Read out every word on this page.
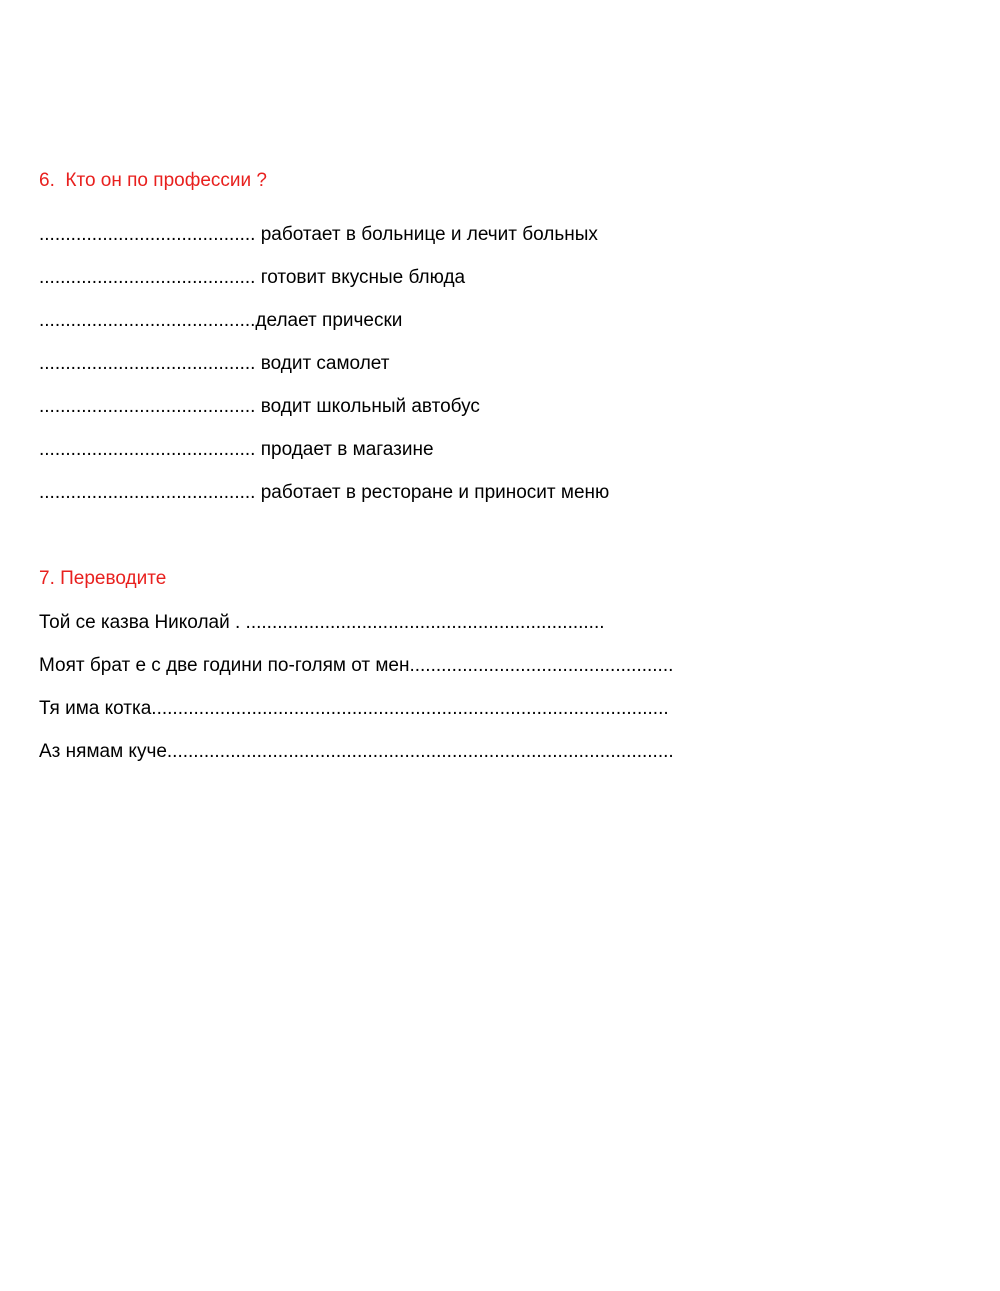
6.  Кто он по профессии ?
......................................... работает в больнице и лечит больных
......................................... готовит вкусные блюда
.........................................делает прически
......................................... водит самолет
......................................... водит школьный автобус
......................................... продает в магазине
......................................... работает в ресторане и приносит меню
7. Переводите
Той се казва Николай . ....................................................................
Моят брат е с две години по-голям от мен..................................................
Тя има котка..................................................................................................
Аз нямам куче................................................................................................
